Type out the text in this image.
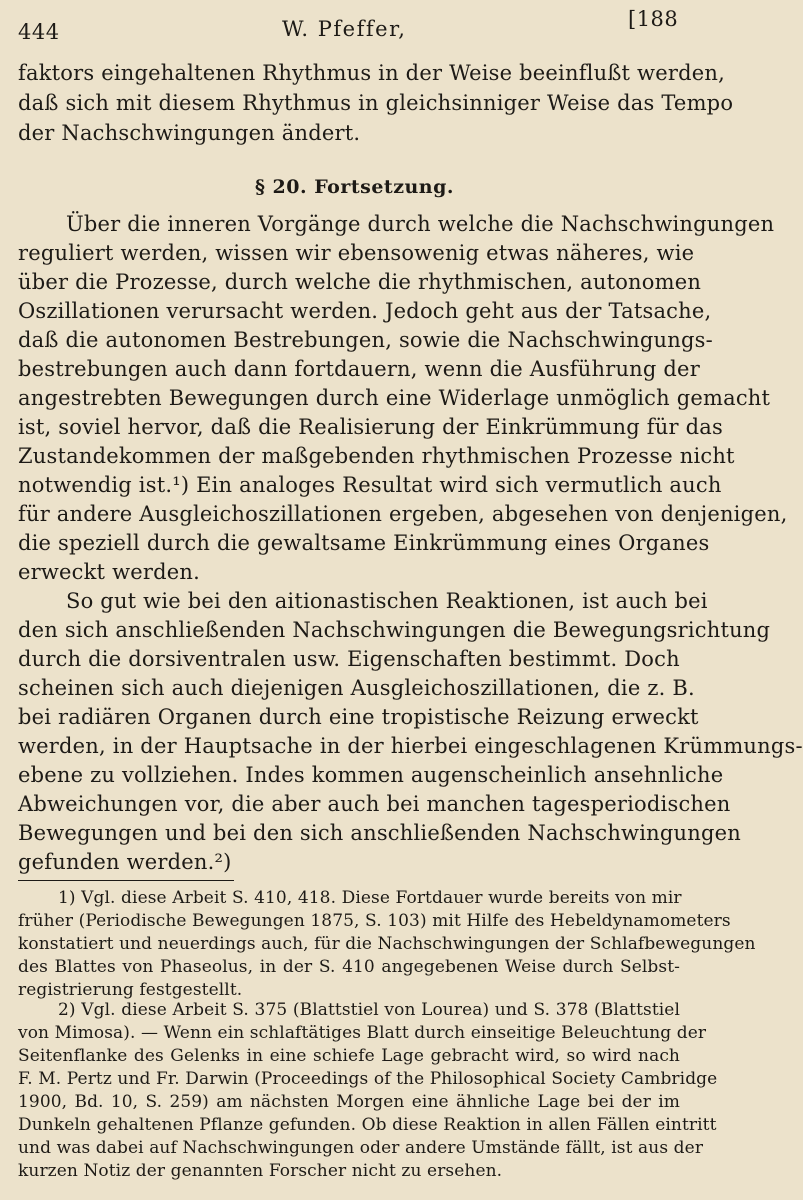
444	W. Pfeffer,	[188
faktors eingehaltenen Rhythmus in der Weise beeinflußt werden,
daß sich mit diesem Rhythmus in gleichsinniger Weise das Tempo
der Nachschwingungen ändert.
§ 20. Fortsetzung.
Über die inneren Vorgänge durch welche die Nachschwingungen
reguliert werden, wissen wir ebensowenig etwas näheres, wie
über die Prozesse, durch welche die rhythmischen, autonomen
Oszillationen verursacht werden. Jedoch geht aus der Tatsache,
daß die autonomen Bestrebungen, sowie die Nachschwingungs-
bestrebungen auch dann fortdauern, wenn die Ausführung der
angestrebten Bewegungen durch eine Widerlage unmöglich gemacht
ist, soviel hervor, daß die Realisierung der Einkrümmung für das
Zustandekommen der maßgebenden rhythmischen Prozesse nicht
notwendig ist.¹) Ein analoges Resultat wird sich vermutlich auch
für andere Ausgleichoszillationen ergeben, abgesehen von denjenigen,
die speziell durch die gewaltsame Einkrümmung eines Organes
erweckt werden.
So gut wie bei den aitionastischen Reaktionen, ist auch bei
den sich anschließenden Nachschwingungen die Bewegungsrichtung
durch die dorsiventralen usw. Eigenschaften bestimmt. Doch
scheinen sich auch diejenigen Ausgleichoszillationen, die z. B.
bei radiären Organen durch eine tropistische Reizung erweckt
werden, in der Hauptsache in der hierbei eingeschlagenen Krümmungs-
ebene zu vollziehen. Indes kommen augenscheinlich ansehnliche
Abweichungen vor, die aber auch bei manchen tagesperiodischen
Bewegungen und bei den sich anschließenden Nachschwingungen
gefunden werden.²)
1) Vgl. diese Arbeit S. 410, 418. Diese Fortdauer wurde bereits von mir
früher (Periodische Bewegungen 1875, S. 103) mit Hilfe des Hebeldynamometers
konstatiert und neuerdings auch, für die Nachschwingungen der Schlafbewegungen
des Blattes von Phaseolus, in der S. 410 angegebenen Weise durch Selbst-
registrierung festgestellt.
2) Vgl. diese Arbeit S. 375 (Blattstiel von Lourea) und S. 378 (Blattstiel
von Mimosa). — Wenn ein schlaftätiges Blatt durch einseitige Beleuchtung der
Seitenflanke des Gelenks in eine schiefe Lage gebracht wird, so wird nach
F. M. Pertz und Fr. Darwin (Proceedings of the Philosophical Society Cambridge
1900, Bd. 10, S. 259) am nächsten Morgen eine ähnliche Lage bei der im
Dunkeln gehaltenen Pflanze gefunden. Ob diese Reaktion in allen Fällen eintritt
und was dabei auf Nachschwingungen oder andere Umstände fällt, ist aus der
kurzen Notiz der genannten Forscher nicht zu ersehen.
